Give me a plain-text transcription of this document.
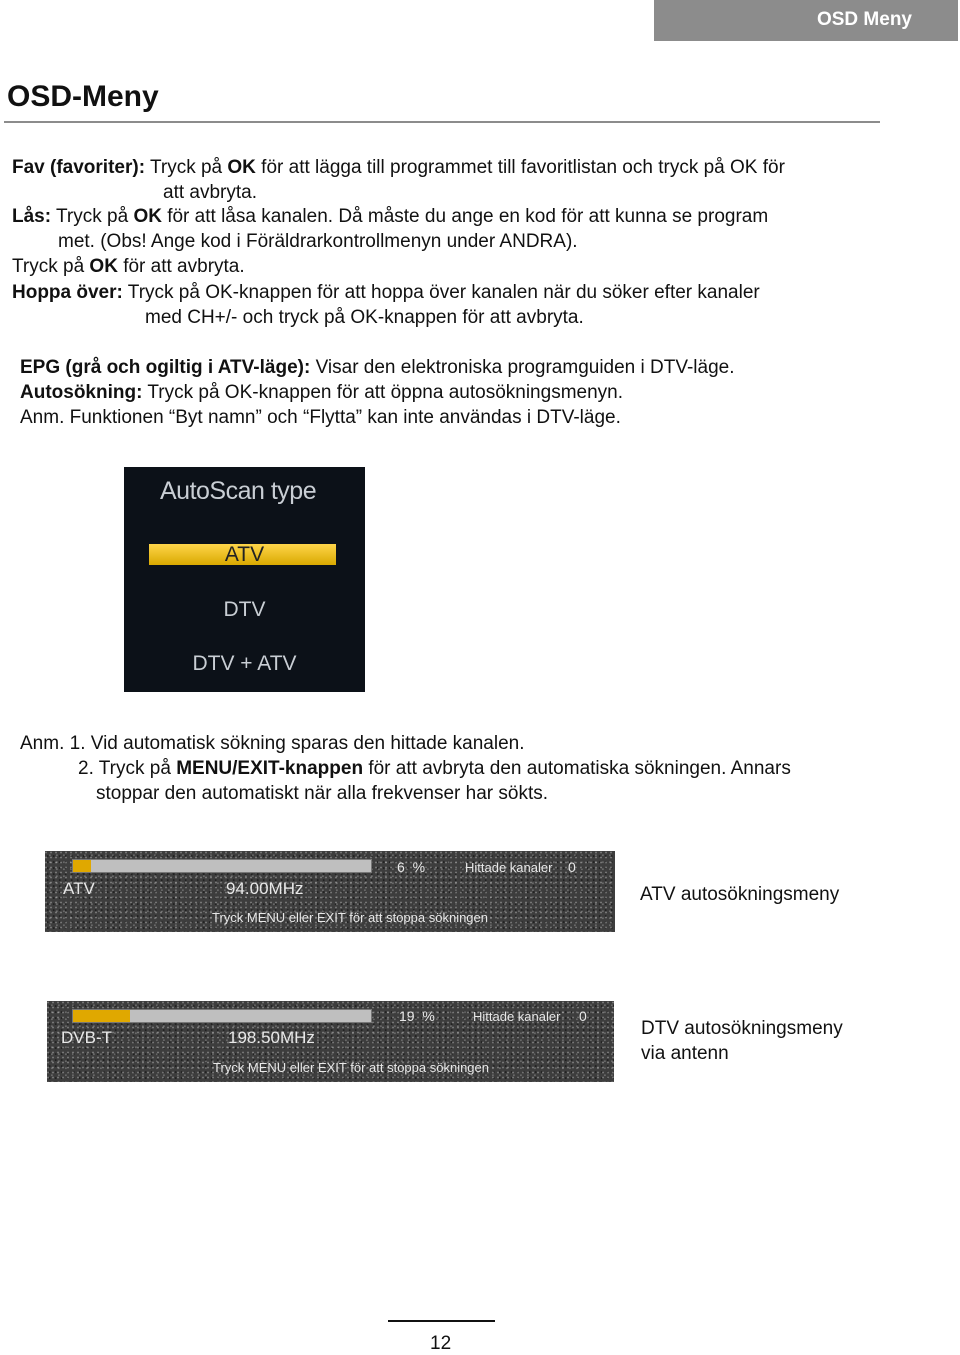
OSD Meny
OSD-Meny
Fav (favoriter): Tryck på OK för att lägga till programmet till favoritlistan och tryck på OK för
att avbryta.
Lås: Tryck på OK för att låsa kanalen. Då måste du ange en kod för att kunna se program
met. (Obs! Ange kod i Föräldrarkontrollmenyn under ANDRA).
Tryck på OK för att avbryta.
Hoppa över: Tryck på OK-knappen för att hoppa över kanalen när du söker efter kanaler
med CH+/- och tryck på OK-knappen för att avbryta.
EPG (grå och ogiltig i ATV-läge): Visar den elektroniska programguiden i DTV-läge.
Autosökning: Tryck på OK-knappen för att öppna autosökningsmenyn.
Anm. Funktionen “Byt namn” och “Flytta” kan inte användas i DTV-läge.
AutoScan type
ATV
DTV
DTV + ATV
Anm. 1. Vid automatisk sökning sparas den hittade kanalen.
2. Tryck på MENU/EXIT-knappen för att avbryta den automatiska sökningen. Annars
stoppar den automatiskt när alla frekvenser har sökts.
6 %	Hittade kanaler 0
ATV	94.00MHz
Tryck MENU eller EXIT för att stoppa sökningen
ATV autosökningsmeny
19 %	Hittade kanaler 0
DVB-T	198.50MHz
Tryck MENU eller EXIT för att stoppa sökningen
DTV autosökningsmeny
via antenn
12
